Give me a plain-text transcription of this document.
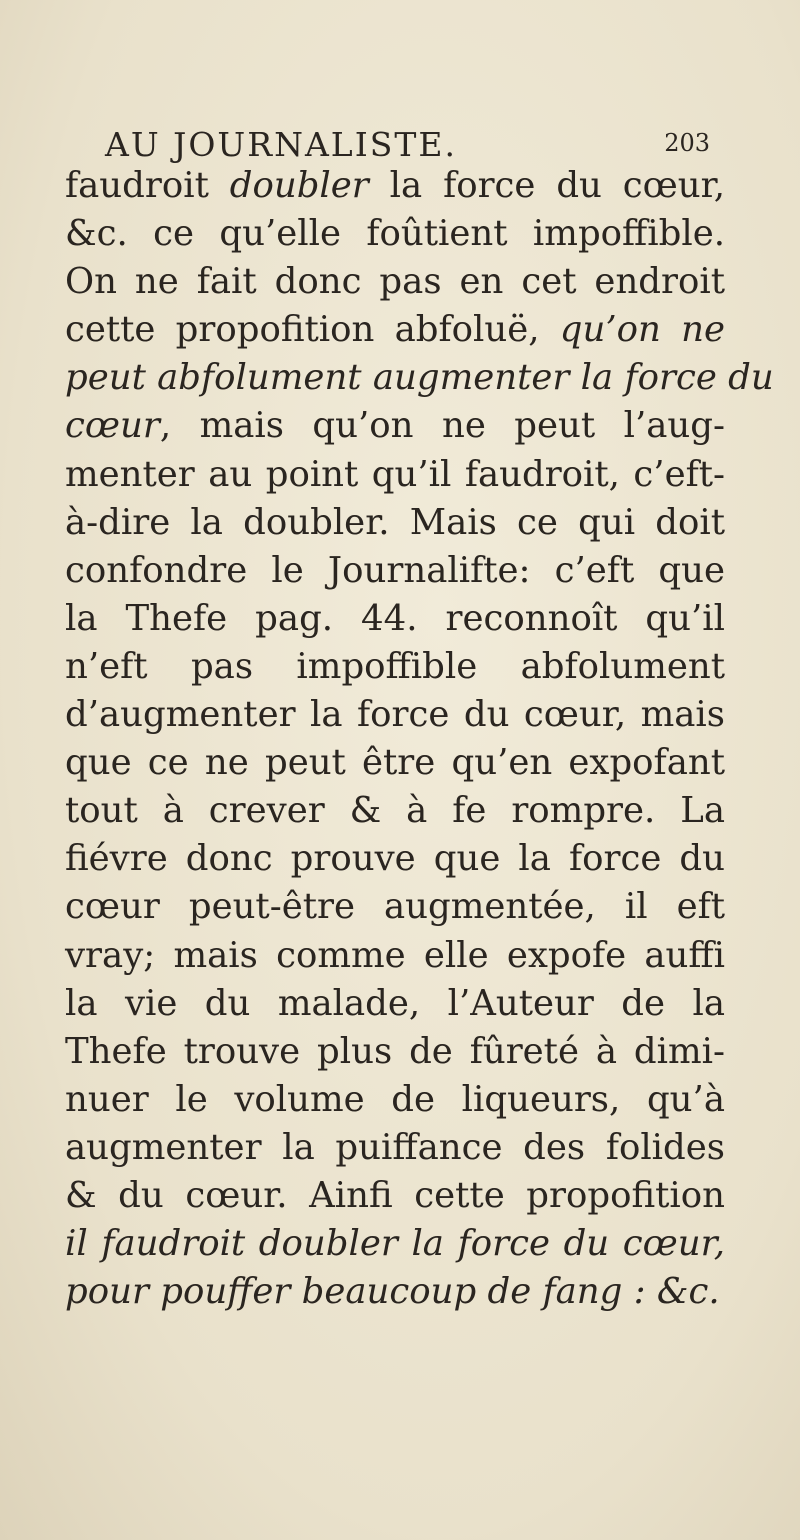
AU JOURNALISTE.	203
faudroit doubler la force du cœur,
&c. ce qu’elle foûtient impoffible.
On ne fait donc pas en cet endroit
cette propofition abfoluë, qu’on ne
peut abfolument augmenter la force du
cœur, mais qu’on ne peut l’aug-
menter au point qu’il faudroit, c’eft-
à-dire la doubler. Mais ce qui doit
confondre le Journalifte: c’eft que
la Thefe pag. 44. reconnoît qu’il
n’eft pas impoffible abfolument
d’augmenter la force du cœur, mais
que ce ne peut être qu’en expofant
tout à crever & à fe rompre. La
fiévre donc prouve que la force du
cœur peut-être augmentée, il eft
vray; mais comme elle expofe auffi
la vie du malade, l’Auteur de la
Thefe trouve plus de fûreté à dimi-
nuer le volume de liqueurs, qu’à
augmenter la puiffance des folides
& du cœur. Ainfi cette propofition
il faudroit doubler la force du cœur,
pour pouffer beaucoup de fang : &c.
